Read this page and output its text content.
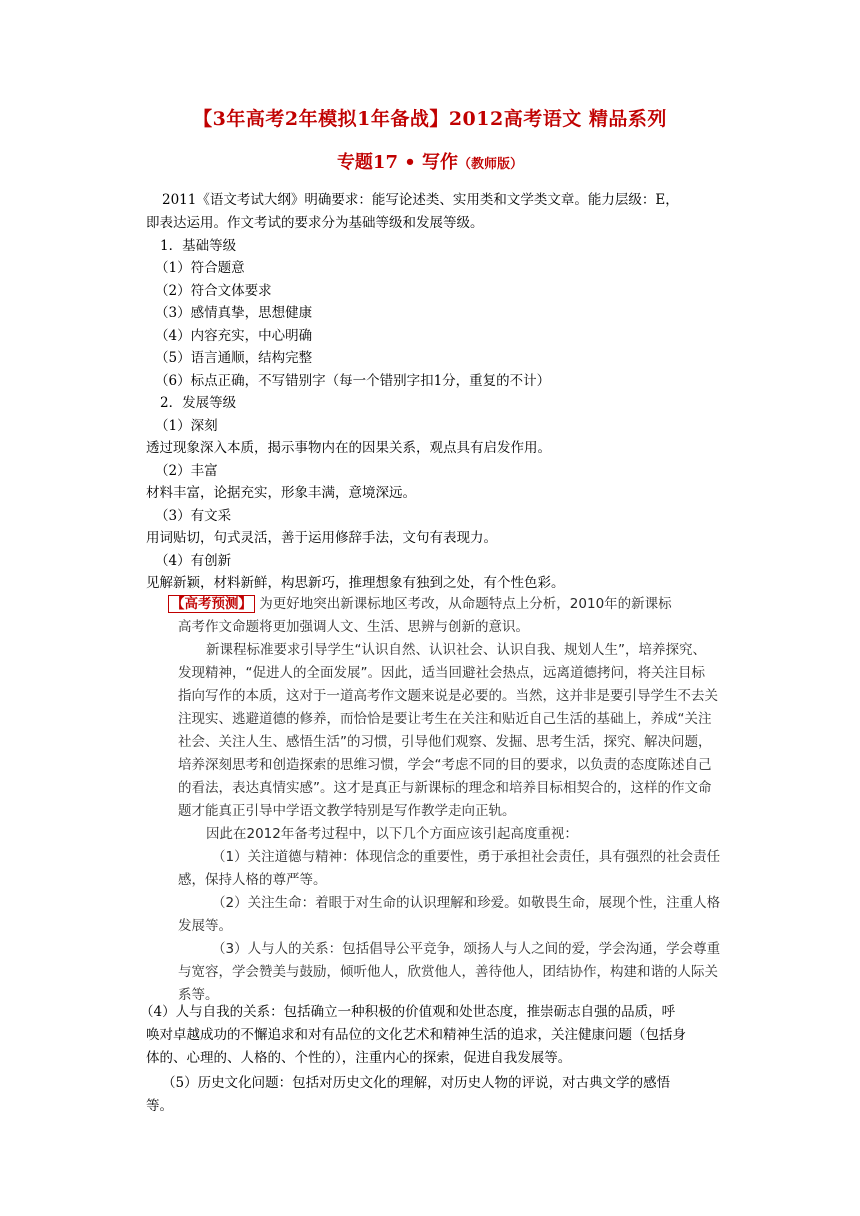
【3年高考2年模拟1年备战】2012高考语文 精品系列
专题17 • 写作（教师版）
2011《语文考试大纲》明确要求：能写论述类、实用类和文学类文章。能力层级：E，
即表达运用。作文考试的要求分为基础等级和发展等级。
1．基础等级
（1）符合题意
（2）符合文体要求
（3）感情真挚，思想健康
（4）内容充实，中心明确
（5）语言通顺，结构完整
（6）标点正确，不写错别字（每一个错别字扣1分，重复的不计）
2．发展等级
（1）深刻
透过现象深入本质，揭示事物内在的因果关系，观点具有启发作用。
（2）丰富
材料丰富，论据充实，形象丰满，意境深远。
（3）有文采
用词贴切，句式灵活，善于运用修辞手法，文句有表现力。
（4）有创新
见解新颖，材料新鲜，构思新巧，推理想象有独到之处，有个性色彩。
【高考预测】 为更好地突出新课标地区考改，从命题特点上分析，2010年的新课标
高考作文命题将更加强调人文、生活、思辨与创新的意识。
新课程标准要求引导学生“认识自然、认识社会、认识自我、规划人生”，培养探究、
发现精神，“促进人的全面发展”。因此，适当回避社会热点，远离道德拷问，将关注目标
指向写作的本质，这对于一道高考作文题来说是必要的。当然，这并非是要引导学生不去关
注现实、逃避道德的修养，而恰恰是要让考生在关注和贴近自己生活的基础上，养成“关注
社会、关注人生、感悟生活”的习惯，引导他们观察、发掘、思考生活，探究、解决问题，
培养深刻思考和创造探索的思维习惯，学会“考虑不同的目的要求，以负责的态度陈述自己
的看法，表达真情实感”。这才是真正与新课标的理念和培养目标相契合的，这样的作文命
题才能真正引导中学语文教学特别是写作教学走向正轨。
因此在2012年备考过程中，以下几个方面应该引起高度重视：
（1）关注道德与精神：体现信念的重要性，勇于承担社会责任，具有强烈的社会责任
感，保持人格的尊严等。
（2）关注生命：着眼于对生命的认识理解和珍爱。如敬畏生命，展现个性，注重人格
发展等。
（3）人与人的关系：包括倡导公平竞争，颂扬人与人之间的爱，学会沟通，学会尊重
与宽容，学会赞美与鼓励，倾听他人，欣赏他人，善待他人，团结协作，构建和谐的人际关
系等。
（4）人与自我的关系：包括确立一种积极的价值观和处世态度，推崇砺志自强的品质，呼
唤对卓越成功的不懈追求和对有品位的文化艺术和精神生活的追求，关注健康问题（包括身
体的、心理的、人格的、个性的），注重内心的探索，促进自我发展等。
（5）历史文化问题：包括对历史文化的理解，对历史人物的评说，对古典文学的感悟
等。
